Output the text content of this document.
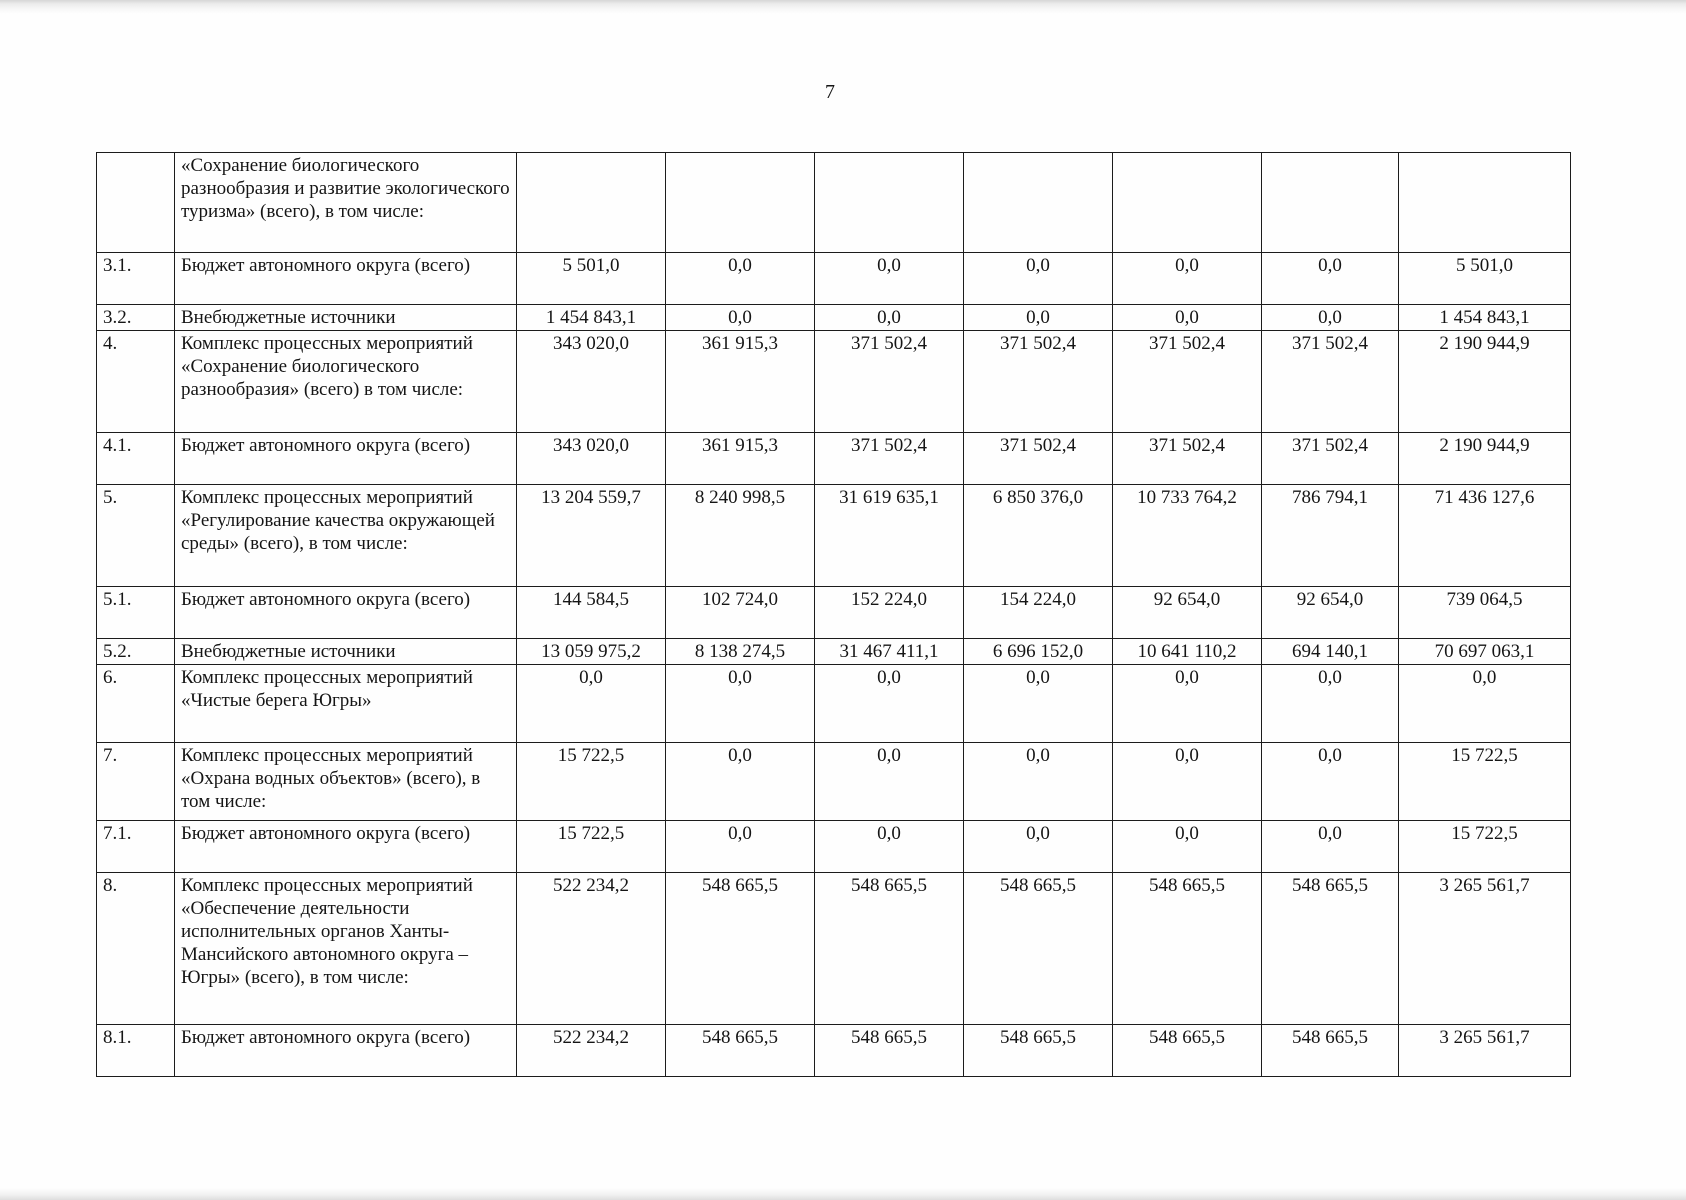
7
	«Сохранение биологического разнообразия и развитие экологического туризма» (всего), в том числе:							
3.1.	Бюджет автономного округа (всего)	5 501,0	0,0	0,0	0,0	0,0	0,0	5 501,0
3.2.	Внебюджетные источники	1 454 843,1	0,0	0,0	0,0	0,0	0,0	1 454 843,1
4.	Комплекс процессных мероприятий «Сохранение биологического разнообразия» (всего) в том числе:	343 020,0	361 915,3	371 502,4	371 502,4	371 502,4	371 502,4	2 190 944,9
4.1.	Бюджет автономного округа (всего)	343 020,0	361 915,3	371 502,4	371 502,4	371 502,4	371 502,4	2 190 944,9
5.	Комплекс процессных мероприятий «Регулирование качества окружающей среды» (всего), в том числе:	13 204 559,7	8 240 998,5	31 619 635,1	6 850 376,0	10 733 764,2	786 794,1	71 436 127,6
5.1.	Бюджет автономного округа (всего)	144 584,5	102 724,0	152 224,0	154 224,0	92 654,0	92 654,0	739 064,5
5.2.	Внебюджетные источники	13 059 975,2	8 138 274,5	31 467 411,1	6 696 152,0	10 641 110,2	694 140,1	70 697 063,1
6.	Комплекс процессных мероприятий «Чистые берега Югры»	0,0	0,0	0,0	0,0	0,0	0,0	0,0
7.	Комплекс процессных мероприятий «Охрана водных объектов» (всего), в том числе:	15 722,5	0,0	0,0	0,0	0,0	0,0	15 722,5
7.1.	Бюджет автономного округа (всего)	15 722,5	0,0	0,0	0,0	0,0	0,0	15 722,5
8.	Комплекс процессных мероприятий «Обеспечение деятельности исполнительных органов Ханты-Мансийского автономного округа – Югры» (всего), в том числе:	522 234,2	548 665,5	548 665,5	548 665,5	548 665,5	548 665,5	3 265 561,7
8.1.	Бюджет автономного округа (всего)	522 234,2	548 665,5	548 665,5	548 665,5	548 665,5	548 665,5	3 265 561,7
